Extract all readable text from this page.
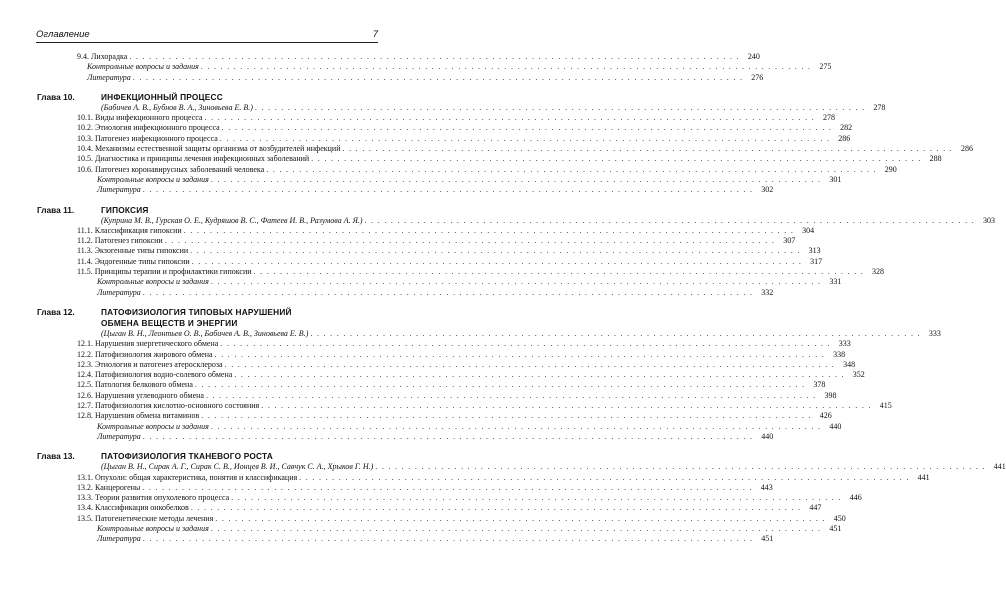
Оглавление	7
9.4. Лихорадка . . .	240
Контрольные вопросы и задания . . .	275
Литература . . .	276
Глава 10.	ИНФЕКЦИОННЫЙ ПРОЦЕСС
(Бабичев А. В., Бубнов В. А., Зиновьева Е. В.) . . .	278
10.1. Виды инфекционного процесса . . .	278
10.2. Этиология инфекционного процесса . . .	282
10.3. Патогенез инфекционного процесса . . .	286
10.4. Механизмы естественной защиты организма от возбудителей инфекций . . .	286
10.5. Диагностика и принципы лечения инфекционных заболеваний . . .	288
10.6. Патогенез коронавирусных заболеваний человека . . .	290
Контрольные вопросы и задания . . .	301
Литература . . .	302
Глава 11.	ГИПОКСИЯ
(Куприна М. В., Гурская О. Е., Кудряшов В. С., Фатеев И. В., Разумова А. Я.) . . .	303
11.1. Классификация гипоксии . . .	304
11.2. Патогенез гипоксии . . .	307
11.3. Экзогенные типы гипоксии . . .	313
11.4. Эндогенные типы гипоксии . . .	317
11.5. Принципы терапии и профилактики гипоксии . . .	328
Контрольные вопросы и задания . . .	331
Литература . . .	332
Глава 12.	ПАТОФИЗИОЛОГИЯ ТИПОВЫХ НАРУШЕНИЙ
ОБМЕНА ВЕЩЕСТВ И ЭНЕРГИИ
(Цыган В. Н., Леонтьев О. В., Бабичев А. В., Зиновьева Е. В.) . . .	333
12.1. Нарушения энергетического обмена . . .	333
12.2. Патофизиология жирового обмена . . .	338
12.3. Этиология и патогенез атеросклероза . . .	348
12.4. Патофизиология водно-солевого обмена . . .	352
12.5. Патология белкового обмена . . .	378
12.6. Нарушения углеводного обмена . . .	398
12.7. Патофизиология кислотно-основного состояния . . .	415
12.8. Нарушения обмена витаминов . . .	426
Контрольные вопросы и задания . . .	440
Литература . . .	440
Глава 13.	ПАТОФИЗИОЛОГИЯ ТКАНЕВОГО РОСТА
(Цыган В. Н., Сирак А. Г., Сирак С. В., Ионцев В. И., Савчук С. А., Хрыков Г. Н.) . . .	441
13.1. Опухоли: общая характеристика, понятия и классификация . . .	441
13.2. Канцерогены . . .	443
13.3. Теории развития опухолевого процесса . . .	446
13.4. Классификация онкобелков . . .	447
13.5. Патогенетические методы лечения . . .	450
Контрольные вопросы и задания . . .	451
Литература . . .	451
